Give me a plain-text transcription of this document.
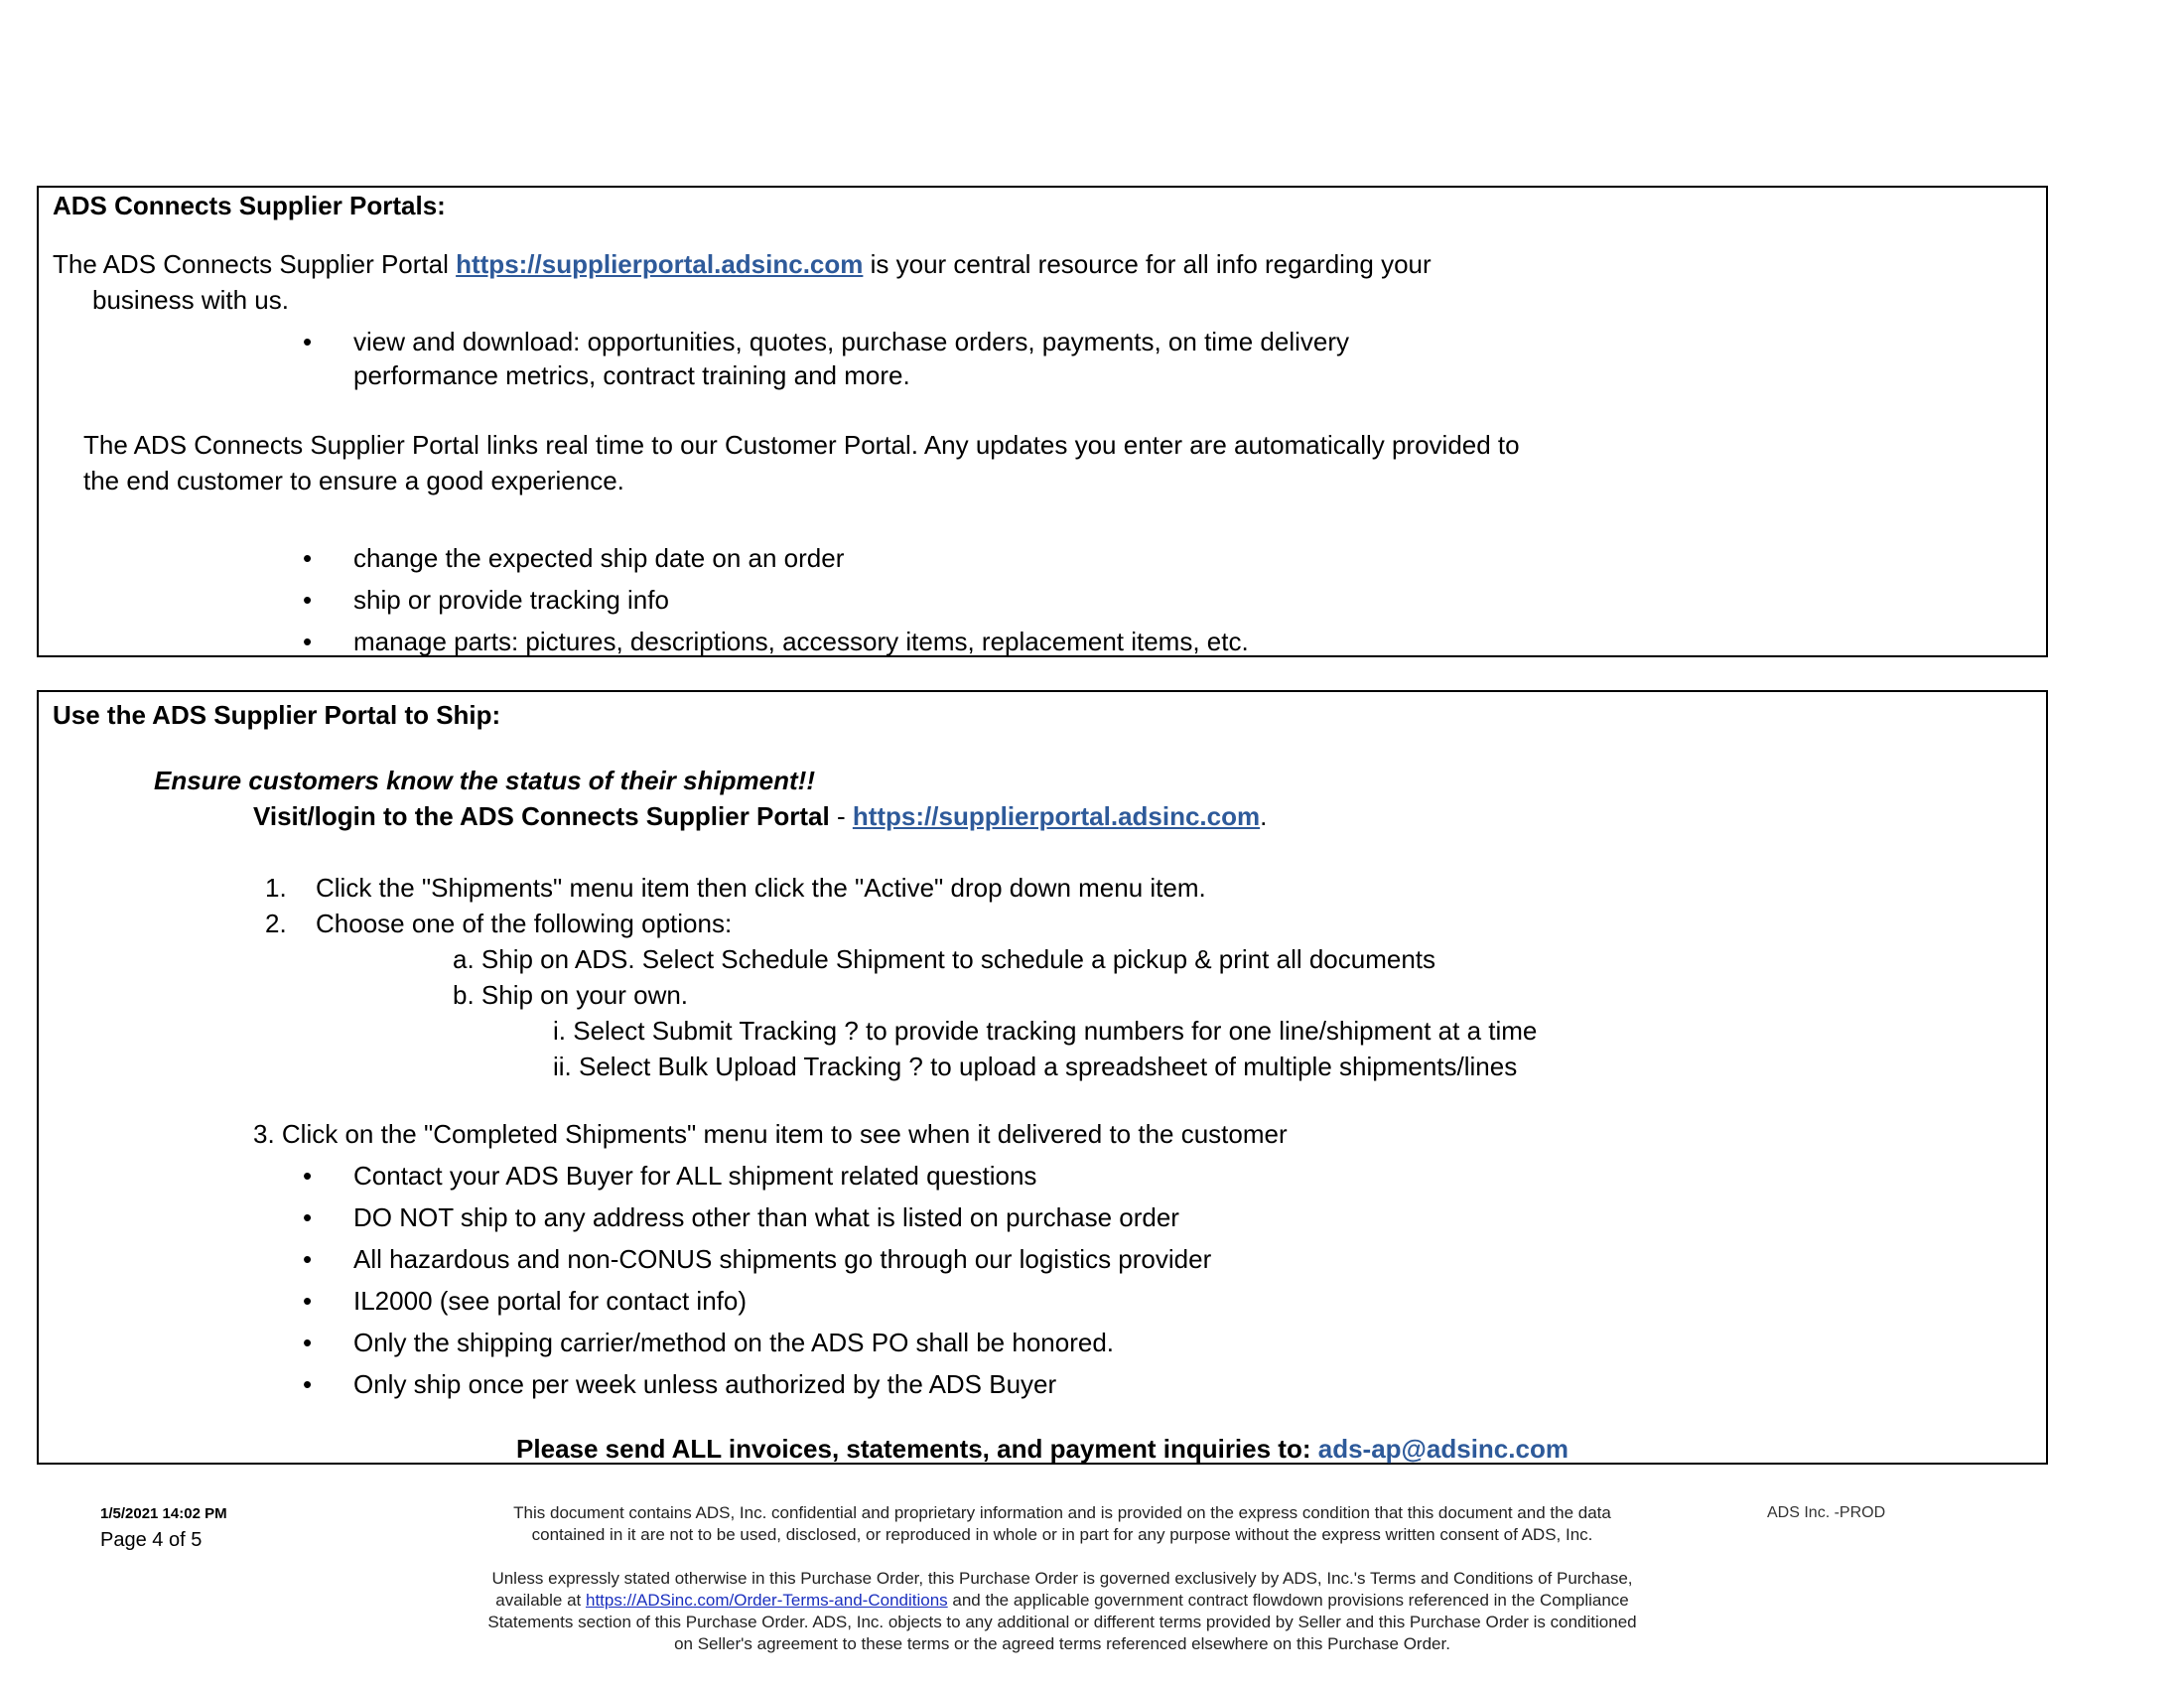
ADS Connects Supplier Portals:
The ADS Connects Supplier Portal https://supplierportal.adsinc.com is your central resource for all info regarding your
business with us.
• view and download: opportunities, quotes, purchase orders, payments, on time delivery
performance metrics, contract training and more.
The ADS Connects Supplier Portal links real time to our Customer Portal. Any updates you enter are automatically provided to
the end customer to ensure a good experience.
• change the expected ship date on an order
• ship or provide tracking info
• manage parts: pictures, descriptions, accessory items, replacement items, etc.
Use the ADS Supplier Portal to Ship:
Ensure customers know the status of their shipment!!
Visit/login to the ADS Connects Supplier Portal - https://supplierportal.adsinc.com.
1. Click the "Shipments" menu item then click the "Active" drop down menu item.
2. Choose one of the following options:
a. Ship on ADS. Select Schedule Shipment to schedule a pickup & print all documents
b. Ship on your own.
i. Select Submit Tracking ? to provide tracking numbers for one line/shipment at a time
ii. Select Bulk Upload Tracking ? to upload a spreadsheet of multiple shipments/lines
3. Click on the "Completed Shipments" menu item to see when it delivered to the customer
• Contact your ADS Buyer for ALL shipment related questions
• DO NOT ship to any address other than what is listed on purchase order
• All hazardous and non-CONUS shipments go through our logistics provider
• IL2000 (see portal for contact info)
• Only the shipping carrier/method on the ADS PO shall be honored.
• Only ship once per week unless authorized by the ADS Buyer
Please send ALL invoices, statements, and payment inquiries to: ads-ap@adsinc.com
1/5/2021 14:02 PM
Page 4 of 5
This document contains ADS, Inc. confidential and proprietary information and is provided on the express condition that this document and the data
contained in it are not to be used, disclosed, or reproduced in whole or in part for any purpose without the express written consent of ADS, Inc.
ADS Inc. -PROD
Unless expressly stated otherwise in this Purchase Order, this Purchase Order is governed exclusively by ADS, Inc.'s Terms and Conditions of Purchase,
available at https://ADSinc.com/Order-Terms-and-Conditions and the applicable government contract flowdown provisions referenced in the Compliance
Statements section of this Purchase Order. ADS, Inc. objects to any additional or different terms provided by Seller and this Purchase Order is conditioned
on Seller's agreement to these terms or the agreed terms referenced elsewhere on this Purchase Order.
